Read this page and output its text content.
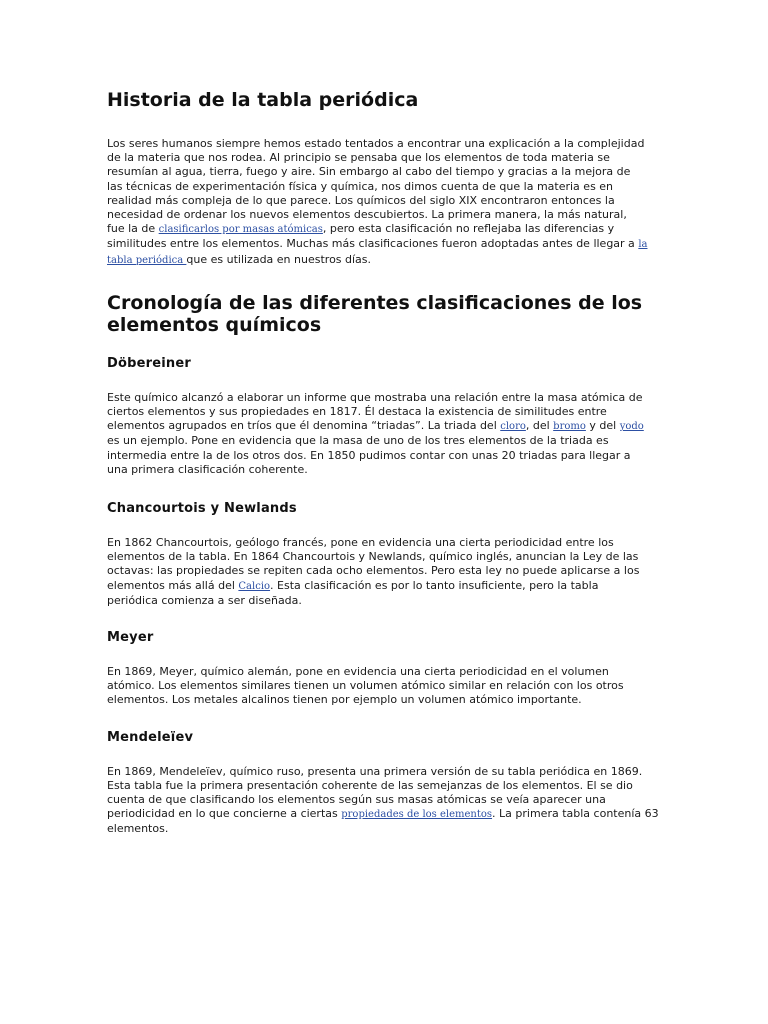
Historia de la tabla periódica
Los seres humanos siempre hemos estado tentados a encontrar una explicación a la complejidad
de la materia que nos rodea. Al principio se pensaba que los elementos de toda materia se
resumían al agua, tierra, fuego y aire. Sin embargo al cabo del tiempo y gracias a la mejora de
las técnicas de experimentación física y química, nos dimos cuenta de que la materia es en
realidad más compleja de lo que parece. Los químicos del siglo XIX encontraron entonces la
necesidad de ordenar los nuevos elementos descubiertos. La primera manera, la más natural,
fue la de clasificarlos por masas atómicas, pero esta clasificación no reflejaba las diferencias y
similitudes entre los elementos. Muchas más clasificaciones fueron adoptadas antes de llegar a la
tabla periódica que es utilizada en nuestros días.
Cronología de las diferentes clasificaciones de los
elementos químicos
Döbereiner
Este químico alcanzó a elaborar un informe que mostraba una relación entre la masa atómica de
ciertos elementos y sus propiedades en 1817. Él destaca la existencia de similitudes entre
elementos agrupados en tríos que él denomina “triadas”. La triada del cloro, del bromo y del yodo
es un ejemplo. Pone en evidencia que la masa de uno de los tres elementos de la triada es
intermedia entre la de los otros dos. En 1850 pudimos contar con unas 20 triadas para llegar a
una primera clasificación coherente.
Chancourtois y Newlands
En 1862 Chancourtois, geólogo francés, pone en evidencia una cierta periodicidad entre los
elementos de la tabla. En 1864 Chancourtois y Newlands, químico inglés, anuncian la Ley de las
octavas: las propiedades se repiten cada ocho elementos. Pero esta ley no puede aplicarse a los
elementos más allá del Calcio. Esta clasificación es por lo tanto insuficiente, pero la tabla
periódica comienza a ser diseñada.
Meyer
En 1869, Meyer, químico alemán, pone en evidencia una cierta periodicidad en el volumen
atómico. Los elementos similares tienen un volumen atómico similar en relación con los otros
elementos. Los metales alcalinos tienen por ejemplo un volumen atómico importante.
Mendeleïev
En 1869, Mendeleïev, químico ruso, presenta una primera versión de su tabla periódica en 1869.
Esta tabla fue la primera presentación coherente de las semejanzas de los elementos. El se dio
cuenta de que clasificando los elementos según sus masas atómicas se veía aparecer una
periodicidad en lo que concierne a ciertas propiedades de los elementos. La primera tabla contenía 63
elementos.
